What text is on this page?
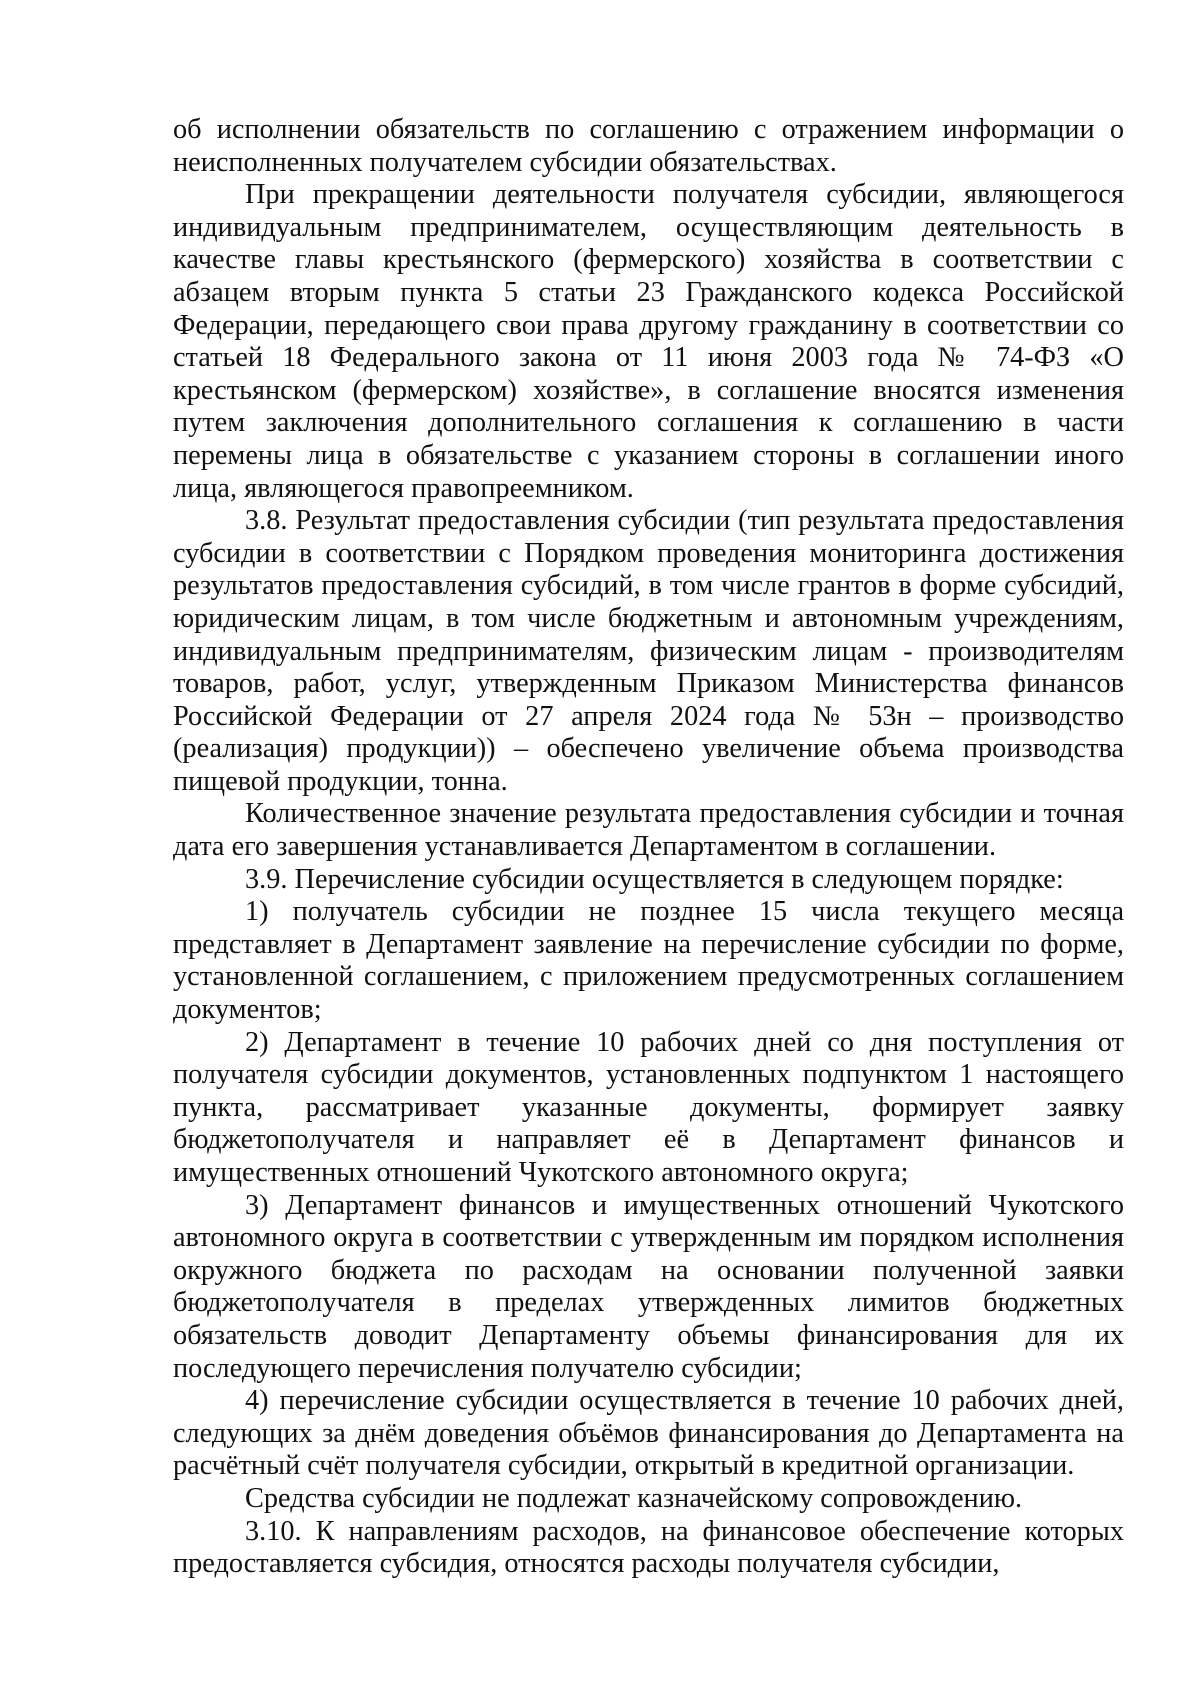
об исполнении обязательств по соглашению с отражением информации о неисполненных получателем субсидии обязательствах.

При прекращении деятельности получателя субсидии, являющегося индивидуальным предпринимателем, осуществляющим деятельность в качестве главы крестьянского (фермерского) хозяйства в соответствии с абзацем вторым пункта 5 статьи 23 Гражданского кодекса Российской Федерации, передающего свои права другому гражданину в соответствии со статьей 18 Федерального закона от 11 июня 2003 года № 74-ФЗ «О крестьянском (фермерском) хозяйстве», в соглашение вносятся изменения путем заключения дополнительного соглашения к соглашению в части перемены лица в обязательстве с указанием стороны в соглашении иного лица, являющегося правопреемником.

3.8. Результат предоставления субсидии (тип результата предоставления субсидии в соответствии с Порядком проведения мониторинга достижения результатов предоставления субсидий, в том числе грантов в форме субсидий, юридическим лицам, в том числе бюджетным и автономным учреждениям, индивидуальным предпринимателям, физическим лицам - производителям товаров, работ, услуг, утвержденным Приказом Министерства финансов Российской Федерации от 27 апреля 2024 года № 53н – производство (реализация) продукции)) – обеспечено увеличение объема производства пищевой продукции, тонна.

Количественное значение результата предоставления субсидии и точная дата его завершения устанавливается Департаментом в соглашении.

3.9. Перечисление субсидии осуществляется в следующем порядке:

1) получатель субсидии не позднее 15 числа текущего месяца представляет в Департамент заявление на перечисление субсидии по форме, установленной соглашением, с приложением предусмотренных соглашением документов;

2) Департамент в течение 10 рабочих дней со дня поступления от получателя субсидии документов, установленных подпунктом 1 настоящего пункта, рассматривает указанные документы, формирует заявку бюджетополучателя и направляет её в Департамент финансов и имущественных отношений Чукотского автономного округа;

3) Департамент финансов и имущественных отношений Чукотского автономного округа в соответствии с утвержденным им порядком исполнения окружного бюджета по расходам на основании полученной заявки бюджетополучателя в пределах утвержденных лимитов бюджетных обязательств доводит Департаменту объемы финансирования для их последующего перечисления получателю субсидии;

4) перечисление субсидии осуществляется в течение 10 рабочих дней, следующих за днём доведения объёмов финансирования до Департамента на расчётный счёт получателя субсидии, открытый в кредитной организации.

Средства субсидии не подлежат казначейскому сопровождению.

3.10. К направлениям расходов, на финансовое обеспечение которых предоставляется субсидия, относятся расходы получателя субсидии,
